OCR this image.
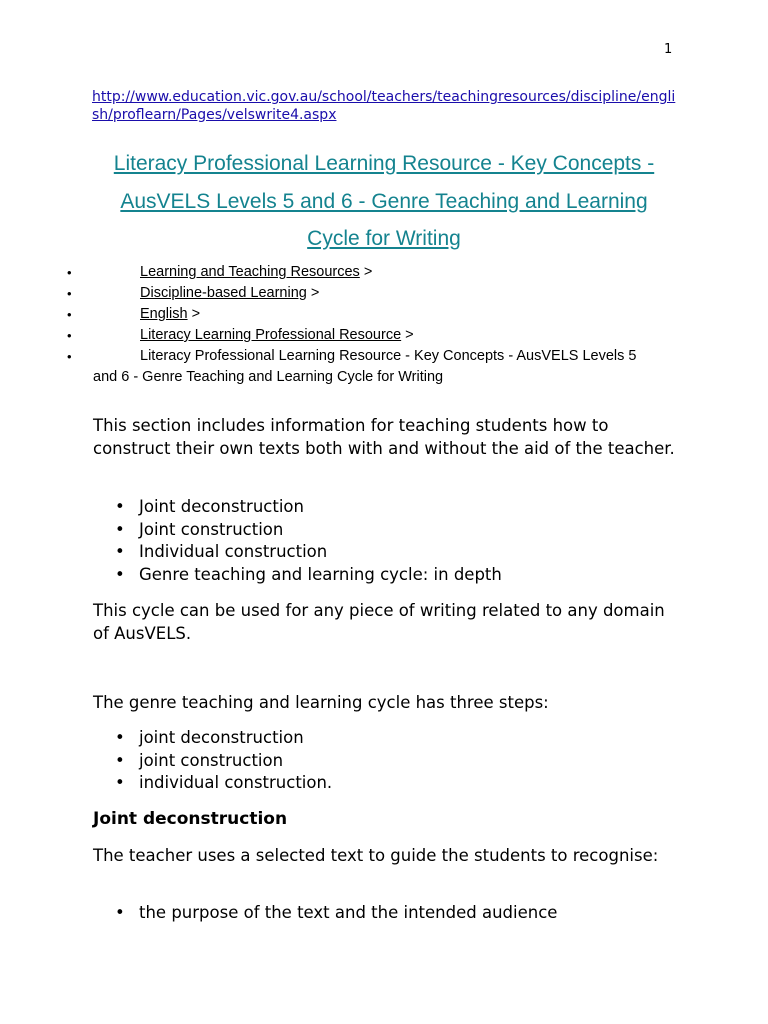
1
http://www.education.vic.gov.au/school/teachers/teachingresources/discipline/english/proflearn/Pages/velswrite4.aspx
Literacy Professional Learning Resource - Key Concepts - AusVELS Levels 5 and 6 - Genre Teaching and Learning Cycle for Writing
• Learning and Teaching Resources >
• Discipline-based Learning >
• English >
• Literacy Learning Professional Resource >
• Literacy Professional Learning Resource - Key Concepts - AusVELS Levels 5
and 6 - Genre Teaching and Learning Cycle for Writing

This section includes information for teaching students how to construct their own texts both with and without the aid of the teacher.

• Joint deconstruction
• Joint construction
• Individual construction
• Genre teaching and learning cycle: in depth

This cycle can be used for any piece of writing related to any domain of AusVELS.

The genre teaching and learning cycle has three steps:

• joint deconstruction
• joint construction
• individual construction.
Joint deconstruction

The teacher uses a selected text to guide the students to recognise:

• the purpose of the text and the intended audience
